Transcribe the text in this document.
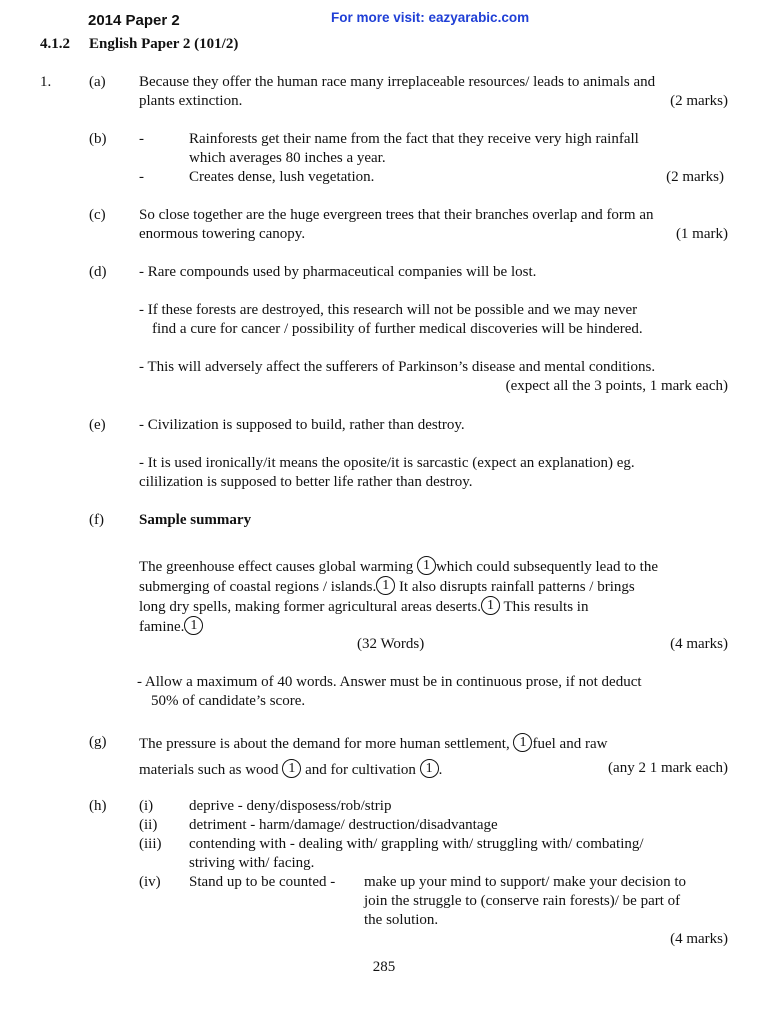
2014 Paper 2	For more visit: eazyarabic.com
4.1.2 English Paper 2 (101/2)
1.	(a) Because they offer the human race many irreplaceable resources/ leads to animals and
plants extinction.	(2 marks)
(b) -	Rainforests get their name from the fact that they receive very high rainfall
which averages 80 inches a year.
-	Creates dense, lush vegetation.	(2 marks)
(c) So close together are the huge evergreen trees that their branches overlap and form an
enormous towering canopy.	(1 mark)
(d) - Rare compounds used by pharmaceutical companies will be lost.
- If these forests are destroyed, this research will not be possible and we may never
find a cure for cancer / possibility of further medical discoveries will be hindered.
- This will adversely affect the sufferers of Parkinson’s disease and mental conditions.
(expect all the 3 points, 1 mark each)
(e) - Civilization is supposed to build, rather than destroy.
- It is used ironically/it means the oposite/it is sarcastic (expect an explanation) eg.
cililization is supposed to better life rather than destroy.
(f) Sample summary
The greenhouse effect causes global warming 1 which could subsequently lead to the
submerging of coastal regions / islands. 1 It also disrupts rainfall patterns / brings
long dry spells, making former agricultural areas deserts. 1 This results in
famine. 1
(32 Words)	(4 marks)
- Allow a maximum of 40 words. Answer must be in continuous prose, if not deduct
50% of candidate’s score.
(g) The pressure is about the demand for more human settlement, 1 fuel and raw
materials such as wood 1 and for cultivation 1 .	(any 2 1 mark each)
(h) (i) deprive - deny/disposess/rob/strip
(ii) detriment - harm/damage/ destruction/disadvantage
(iii) contending with - dealing with/ grappling with/ struggling with/ combating/
striving with/ facing.
(iv) Stand up to be counted - make up your mind to support/ make your decision to
join the struggle to (conserve rain forests)/ be part of
the solution.
(4 marks)
285
